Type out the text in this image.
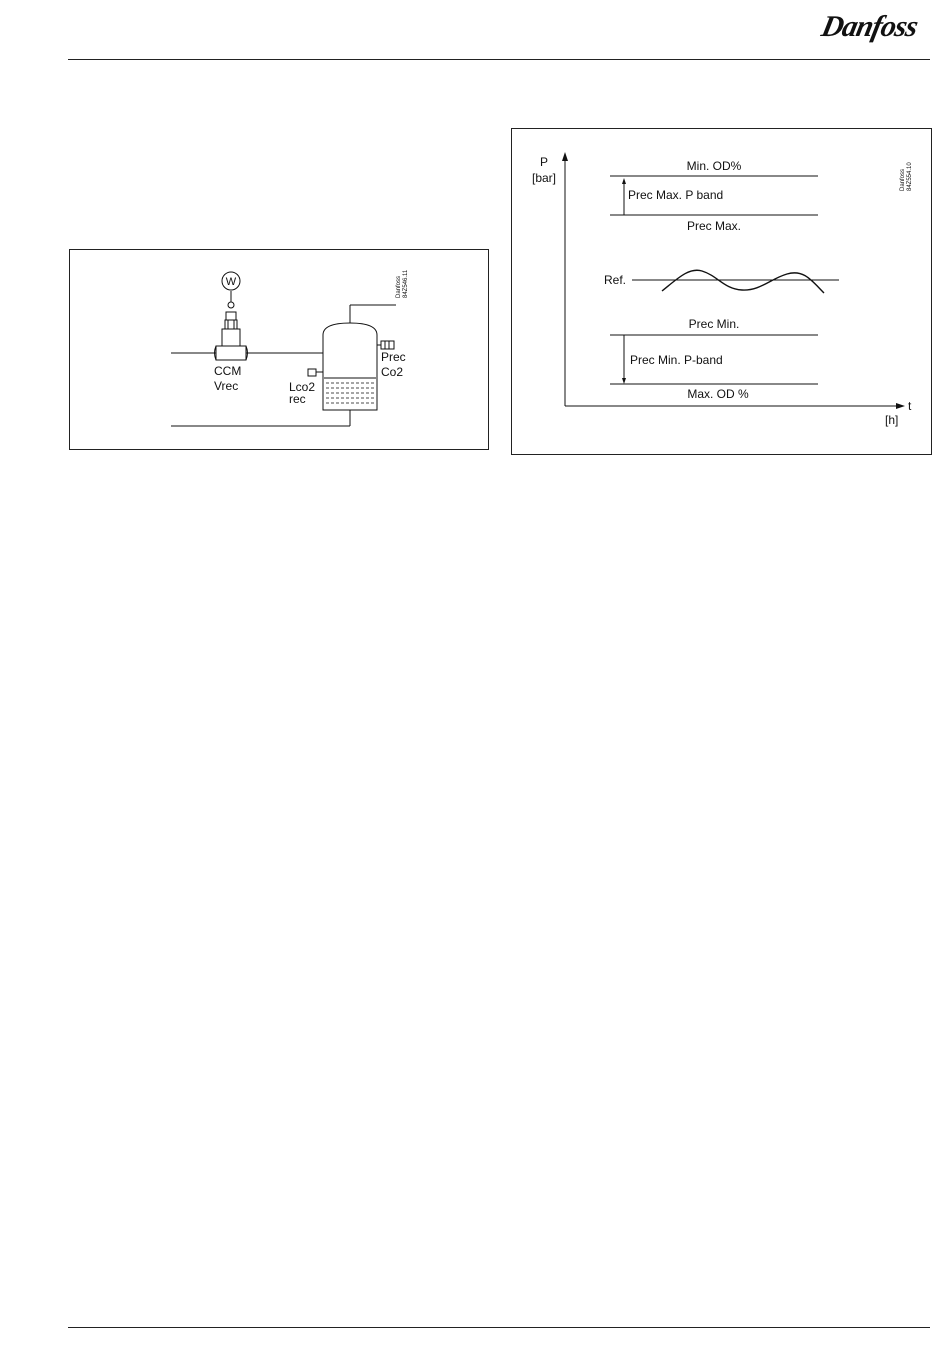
Danfoss
W
CCM
Vrec	Lco2
rec
Prec
Co2
Danfoss 84Z546.11
P
[bar]
t
[h]
Min. OD%
Prec Max.
Prec Max. P band
Ref.
Prec Min.
Max. OD %
Prec Min. P-band
Danfoss 84Z554.10
